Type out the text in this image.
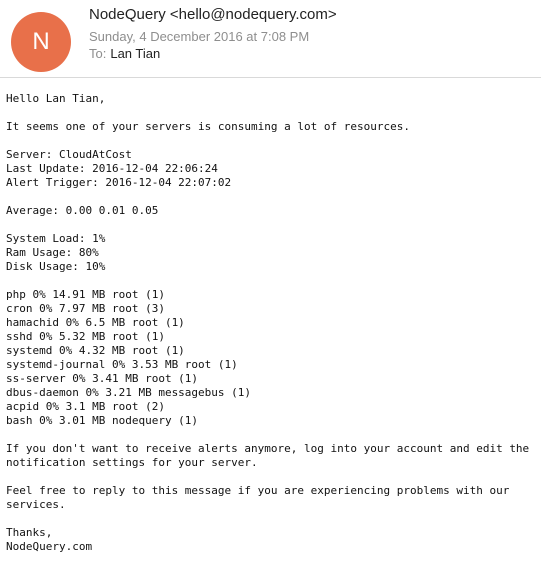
N
NodeQuery <hello@nodequery.com>
Sunday, 4 December 2016 at 7:08 PM
To: Lan Tian
Hello Lan Tian,
It seems one of your servers is consuming a lot of resources.
Server: CloudAtCost
Last Update: 2016-12-04 22:06:24
Alert Trigger: 2016-12-04 22:07:02
Average: 0.00 0.01 0.05
System Load: 1%
Ram Usage: 80%
Disk Usage: 10%
php 0% 14.91 MB root (1)
cron 0% 7.97 MB root (3)
hamachid 0% 6.5 MB root (1)
sshd 0% 5.32 MB root (1)
systemd 0% 4.32 MB root (1)
systemd-journal 0% 3.53 MB root (1)
ss-server 0% 3.41 MB root (1)
dbus-daemon 0% 3.21 MB messagebus (1)
acpid 0% 3.1 MB root (2)
bash 0% 3.01 MB nodequery (1)
If you don't want to receive alerts anymore, log into your account and edit the
notification settings for your server.
Feel free to reply to this message if you are experiencing problems with our
services.
Thanks,
NodeQuery.com
